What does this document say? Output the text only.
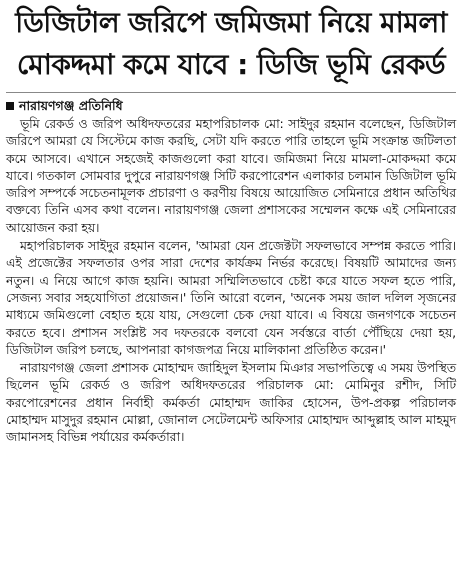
ডিজিটাল জরিপে জমিজমা নিয়ে মামলা
মোকদ্দমা কমে যাবে : ডিজি ভূমি রেকর্ড
নারায়ণগঞ্জ প্রতিনিধি

ভূমি রেকর্ড ও জরিপ অধিদফতরের মহাপরিচালক মো: সাইদুর রহমান বলেছেন, ডিজিটাল জরিপে আমরা যে সিস্টেমে কাজ করছি, সেটা যদি করতে পারি তাহলে ভূমি সংক্রান্ত জটিলতা কমে আসবে। এখানে সহজেই কাজগুলো করা যাবে। জমিজমা নিয়ে মামলা-মোকদ্দমা কমে যাবে। গতকাল সোমবার দুপুরে নারায়ণগঞ্জ সিটি করপোরেশন এলাকার চলমান ডিজিটাল ভূমি জরিপ সম্পর্কে সচেতনামূলক প্রচারণা ও করণীয় বিষয়ে আয়োজিত সেমিনারে প্রধান অতিথির বক্তব্যে তিনি এসব কথা বলেন। নারায়ণগঞ্জ জেলা প্রশাসকের সম্মেলন কক্ষে এই সেমিনারের আয়োজন করা হয়।

মহাপরিচালক সাইদুর রহমান বলেন, 'আমরা যেন প্রজেক্টটা সফলভাবে সম্পন্ন করতে পারি। এই প্রজেক্টের সফলতার ওপর সারা দেশের কার্যক্রম নির্ভর করেছে। বিষয়টি আমাদের জন্য নতুন। এ নিয়ে আগে কাজ হয়নি। আমরা সম্মিলিতভাবে চেষ্টা করে যাতে সফল হতে পারি, সেজন্য সবার সহযোগিতা প্রয়োজন।' তিনি আরো বলেন, 'অনেক সময় জাল দলিল সৃজনের মাধ্যমে জমিগুলো বেহাত হয়ে যায়, সেগুলো চেক দেয়া যাবে। এ বিষয়ে জনগণকে সচেতন করতে হবে। প্রশাসন সংশ্লিষ্ট সব দফতরকে বলবো যেন সর্বস্তরে বার্তা পৌঁছিয়ে দেয়া হয়, ডিজিটাল জরিপ চলছে, আপনারা কাগজপত্র নিয়ে মালিকানা প্রতিষ্ঠিত করেন।'

নারায়ণগঞ্জ জেলা প্রশাসক মোহাম্মদ জাহিদুল ইসলাম মিঞার সভাপতিত্বে এ সময় উপস্থিত ছিলেন ভূমি রেকর্ড ও জরিপ অধিদফতরের পরিচালক মো: মোমিনুর রশীদ, সিটি করপোরেশনের প্রধান নির্বাহী কর্মকর্তা মোহাম্মদ জাকির হোসেন, উপ-প্রকল্প পরিচালক মোহাম্মদ মাসুদুর রহমান মোল্লা, জোনাল সেটেলমেন্ট অফিসার মোহাম্মদ আব্দুল্লাহ আল মাহমুদ জামানসহ বিভিন্ন পর্যায়ের কর্মকর্তারা।
